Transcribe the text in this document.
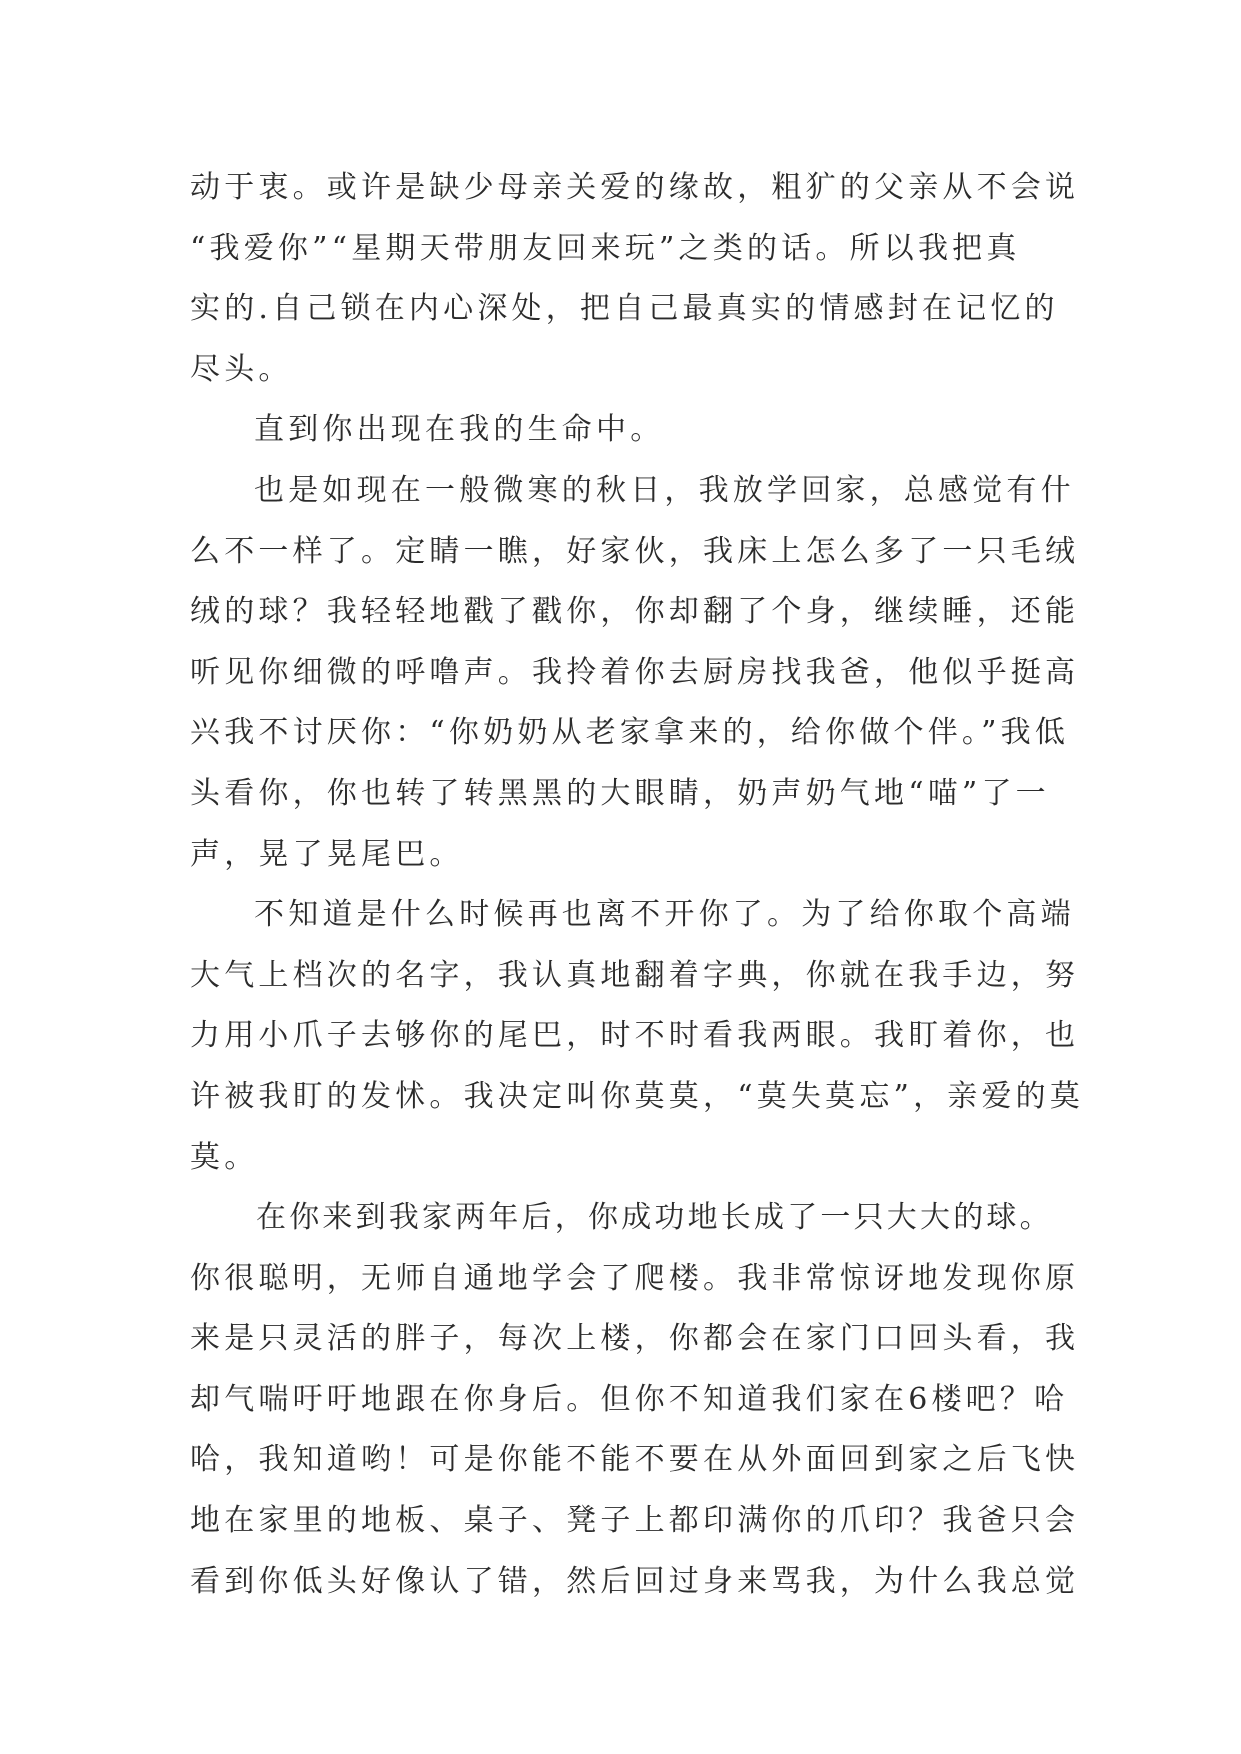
动于衷。或许是缺少母亲关爱的缘故，粗犷的父亲从不会说
“我爱你”“星期天带朋友回来玩”之类的话。所以我把真
实的.自己锁在内心深处，把自己最真实的情感封在记忆的
尽头。
直到你出现在我的生命中。
也是如现在一般微寒的秋日，我放学回家，总感觉有什
么不一样了。定睛一瞧，好家伙，我床上怎么多了一只毛绒
绒的球？我轻轻地戳了戳你，你却翻了个身，继续睡，还能
听见你细微的呼噜声。我拎着你去厨房找我爸，他似乎挺高
兴我不讨厌你：“你奶奶从老家拿来的，给你做个伴。”我低
头看你，你也转了转黑黑的大眼睛，奶声奶气地“喵”了一
声，晃了晃尾巴。
不知道是什么时候再也离不开你了。为了给你取个高端
大气上档次的名字，我认真地翻着字典，你就在我手边，努
力用小爪子去够你的尾巴，时不时看我两眼。我盯着你，也
许被我盯的发怵。我决定叫你莫莫，“莫失莫忘”，亲爱的莫
莫。
在你来到我家两年后，你成功地长成了一只大大的球。
你很聪明，无师自通地学会了爬楼。我非常惊讶地发现你原
来是只灵活的胖子，每次上楼，你都会在家门口回头看，我
却气喘吁吁地跟在你身后。但你不知道我们家在6楼吧？哈
哈，我知道哟！可是你能不能不要在从外面回到家之后飞快
地在家里的地板、桌子、凳子上都印满你的爪印？我爸只会
看到你低头好像认了错，然后回过身来骂我，为什么我总觉
